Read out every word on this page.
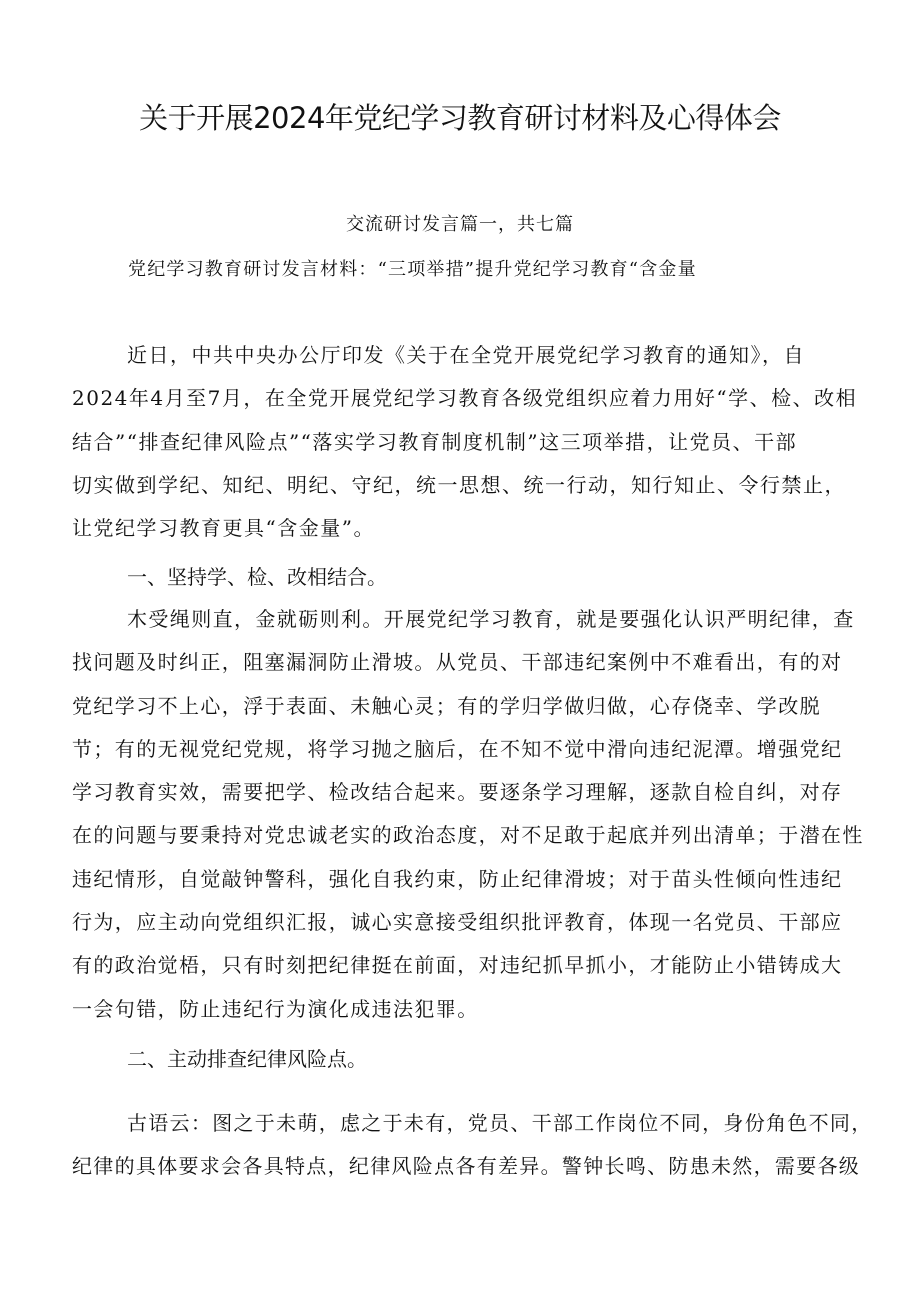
关于开展2024年党纪学习教育研讨材料及心得体会
交流研讨发言篇一，共七篇
党纪学习教育研讨发言材料：“三项举措”提升党纪学习教育“含金量

近日，中共中央办公厅印发《关于在全党开展党纪学习教育的通知》，自
2024年4月至7月，在全党开展党纪学习教育各级党组织应着力用好“学、检、改相
结合”“排查纪律风险点”“落实学习教育制度机制”这三项举措，让党员、干部
切实做到学纪、知纪、明纪、守纪，统一思想、统一行动，知行知止、令行禁止，
让党纪学习教育更具“含金量”。

一、坚持学、检、改相结合。

木受绳则直，金就砺则利。开展党纪学习教育，就是要强化认识严明纪律，查
找问题及时纠正，阻塞漏洞防止滑坡。从党员、干部违纪案例中不难看出，有的对
党纪学习不上心，浮于表面、未触心灵；有的学归学做归做，心存侥幸、学改脱
节；有的无视党纪党规，将学习抛之脑后，在不知不觉中滑向违纪泥潭。增强党纪
学习教育实效，需要把学、检改结合起来。要逐条学习理解，逐款自检自纠，对存
在的问题与要秉持对党忠诚老实的政治态度，对不足敢于起底并列出清单；于潜在性
违纪情形，自觉敲钟警科，强化自我约束，防止纪律滑坡；对于苗头性倾向性违纪
行为，应主动向党组织汇报，诚心实意接受组织批评教育，体现一名党员、干部应
有的政治觉梧，只有时刻把纪律挺在前面，对违纪抓早抓小，才能防止小错铸成大
一会句错，防止违纪行为演化成违法犯罪。

二、主动排查纪律风险点。

古语云：图之于未萌，虑之于未有，党员、干部工作岗位不同，身份角色不同，
纪律的具体要求会各具特点，纪律风险点各有差异。警钟长鸣、防患未然，需要各级
